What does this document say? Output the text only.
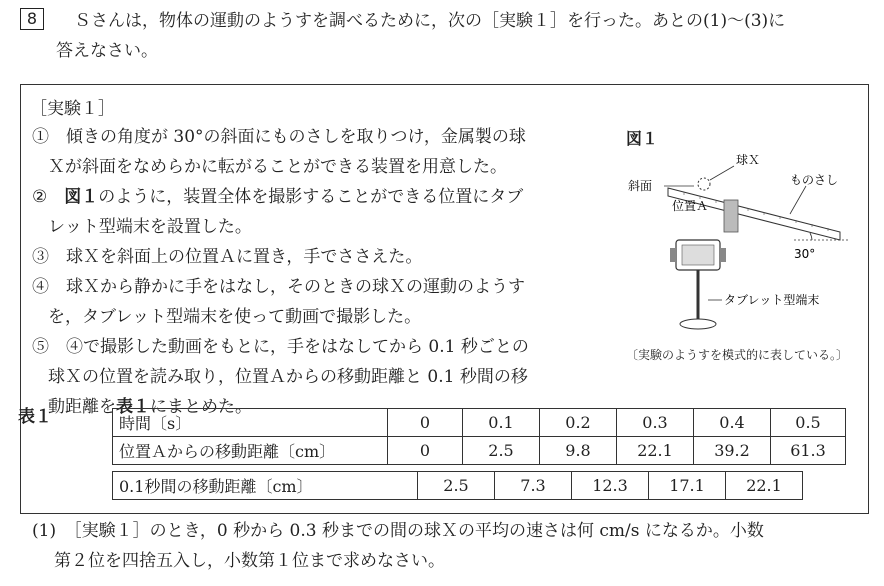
8	Ｓさんは，物体の運動のようすを調べるために，次の［実験１］を行った。あとの(1)〜(3)に
答えなさい。
［実験１］
①　 傾きの角度が 30°の斜面にものさしを取りつけ，金属製の球
Ｘが斜面をなめらかに転がることができる装置を用意した。
②　 図１のように，装置全体を撮影することができる位置にタブ
レット型端末を設置した。
③　 球Ｘを斜面上の位置Ａに置き，手でささえた。
④　 球Ｘから静かに手をはなし，そのときの球Ｘの運動のようす
を，タブレット型端末を使って動画で撮影した。
⑤　 ④で撮影した動画をもとに，手をはなしてから 0.1 秒ごとの
球Ｘの位置を読み取り，位置Ａからの移動距離と 0.1 秒間の移
動距離を表１にまとめた。
図１
斜面
球Ｘ
ものさし
位置Ａ
30°
タブレット型端末
〔実験のようすを模式的に表している。〕
表１	時間〔s〕	0	0.1	0.2	0.3	0.4	0.5
位置Ａからの移動距離〔cm〕	0	2.5	9.8	22.1	39.2	61.3
0.1秒間の移動距離〔cm〕	2.5	7.3	12.3	17.1	22.1
(1)　 ［実験１］のとき，0 秒から 0.3 秒までの間の球Ｘの平均の速さは何 cm/s になるか。小数
第２位を四捨五入し，小数第１位まで求めなさい。
